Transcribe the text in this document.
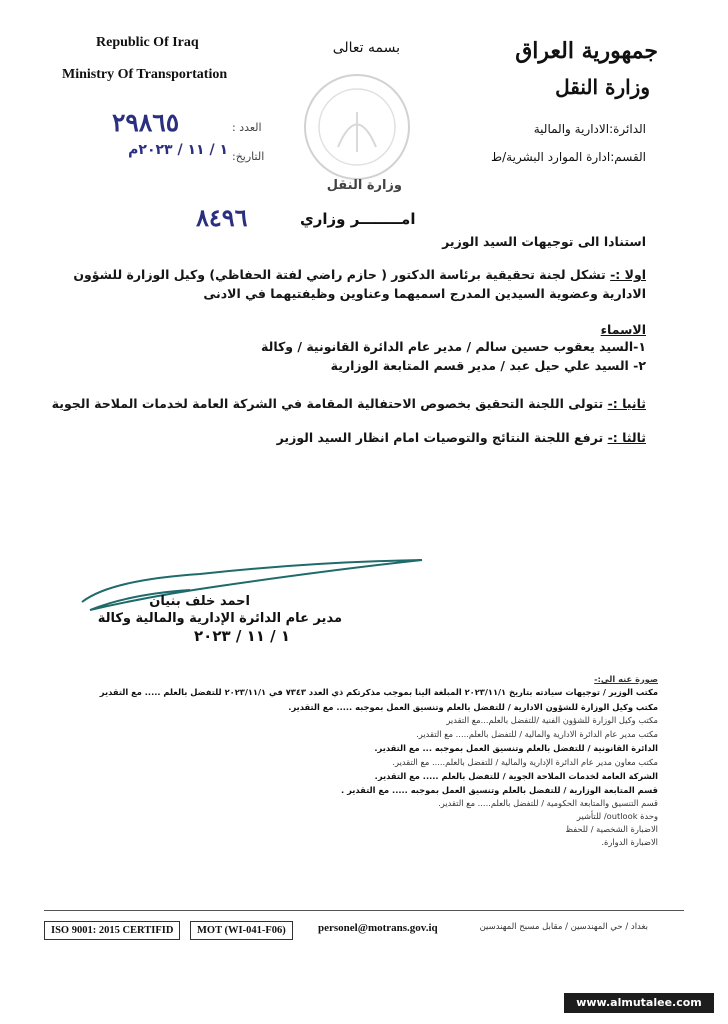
Republic Of Iraq
Ministry Of Transportation
بسمه تعالى	جمهورية العراق
وزارة النقل
الدائرة:الادارية والمالية
القسم:ادارة الموارد البشرية/ط
وزارة النقل
العدد :
٢٩٨٦٥
التاريخ:
١ / ١١ / ٢٠٢٣م
امــــــــر وزاري
٨٤٩٦
استنادا الى توجيهات السيد الوزير
اولا :- تشكل لجنة تحقيقية برئاسة الدكتور ( حازم راضي لفتة الحفاظي) وكيل الوزارة للشؤون الادارية وعضوية السيدين المدرج اسميهما وعناوين وظيفتيهما في الادنى
الاسماء
١-السيد يعقوب حسين سالم / مدير عام الدائرة القانونية / وكالة
٢- السيد علي حيل عبد / مدير قسم المتابعة الوزارية
ثانيا :- تتولى اللجنة التحقيق بخصوص الاحتفالية المقامة في الشركة العامة لخدمات الملاحة الجوية
ثالثا :- ترفع اللجنة النتائج والتوصيات امام انظار السيد الوزير
احمد خلف بنيان
مدير عام الدائرة الإدارية والمالية وكالة
١ / ١١ / ٢٠٢٣
صورة عنه الى:-
مكتب الوزير / توجيهات سيادته بتاريخ ٢٠٢٣/١١/١ المبلغة الينا بموجب مذكرتكم ذي العدد ٧٣٤٣ في ٢٠٢٣/١١/١ للتفضل بالعلم ..... مع التقدير
مكتب وكيل الوزارة للشؤون الادارية / للتفضل بالعلم وتنسيق العمل بموجبه ..... مع التقدير.
مكتب وكيل الوزارة للشؤون الفنية /للتفضل بالعلم...مع التقدير
مكتب مدير عام الدائرة الادارية والمالية / للتفضل بالعلم..... مع التقدير.
الدائرة القانونية / للتفضل بالعلم وتنسيق العمل بموجبه ... مع التقدير.
مكتب معاون مدير عام الدائرة الإدارية والمالية / للتفضل بالعلم..... مع التقدير.
الشركة العامة لخدمات الملاحة الجوية / للتفضل بالعلم ..... مع التقدير.
قسم المتابعة الوزارية / للتفضل بالعلم وتنسيق العمل بموجبه ..... مع التقدير .
قسم التنسيق والمتابعة الحكومية / للتفضل بالعلم..... مع التقدير.
وحدة outlook/ للتأشير
الاضبارة الشخصية / للحفظ
الاضبارة الدوارة.
ISO 9001: 2015 CERTIFID	MOT (WI-041-F06)	personel@motrans.gov.iq	بغداد / حي المهندسين / مقابل مسبح المهندسين
www.almutalee.com
